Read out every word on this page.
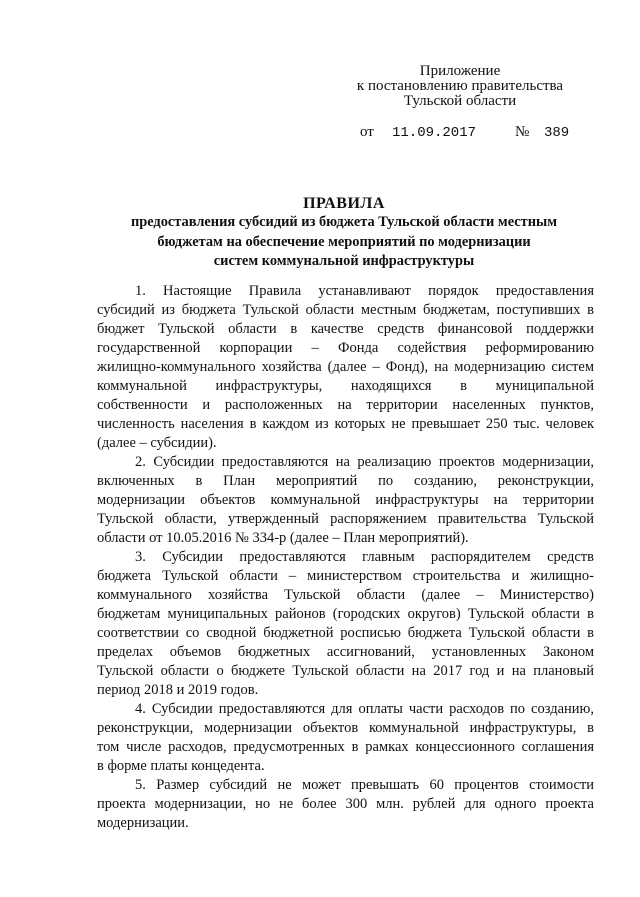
Приложение
к постановлению правительства
Тульской области
от 11.09.2017	№ 389
ПРАВИЛА
предоставления субсидий из бюджета Тульской области местным
бюджетам на обеспечение мероприятий по модернизации
систем коммунальной инфраструктуры
1. Настоящие Правила устанавливают порядок предоставления
субсидий из бюджета Тульской области местным бюджетам, поступивших в
бюджет Тульской области в качестве средств финансовой поддержки
государственной корпорации – Фонда содействия реформированию
жилищно-коммунального хозяйства (далее – Фонд), на модернизацию систем
коммунальной инфраструктуры, находящихся в муниципальной
собственности и расположенных на территории населенных пунктов,
численность населения в каждом из которых не превышает 250 тыс. человек
(далее – субсидии).
2. Субсидии предоставляются на реализацию проектов модернизации,
включенных в План мероприятий по созданию, реконструкции,
модернизации объектов коммунальной инфраструктуры на территории
Тульской области, утвержденный распоряжением правительства Тульской
области от 10.05.2016 № 334-р (далее – План мероприятий).
3. Субсидии предоставляются главным распорядителем средств
бюджета Тульской области – министерством строительства и жилищно-
коммунального хозяйства Тульской области (далее – Министерство)
бюджетам муниципальных районов (городских округов) Тульской области в
соответствии со сводной бюджетной росписью бюджета Тульской области в
пределах объемов бюджетных ассигнований, установленных Законом
Тульской области о бюджете Тульской области на 2017 год и на плановый
период 2018 и 2019 годов.
4. Субсидии предоставляются для оплаты части расходов по созданию,
реконструкции, модернизации объектов коммунальной инфраструктуры, в
том числе расходов, предусмотренных в рамках концессионного соглашения
в форме платы концедента.
5. Размер субсидий не может превышать 60 процентов стоимости
проекта модернизации, но не более 300 млн. рублей для одного проекта
модернизации.
